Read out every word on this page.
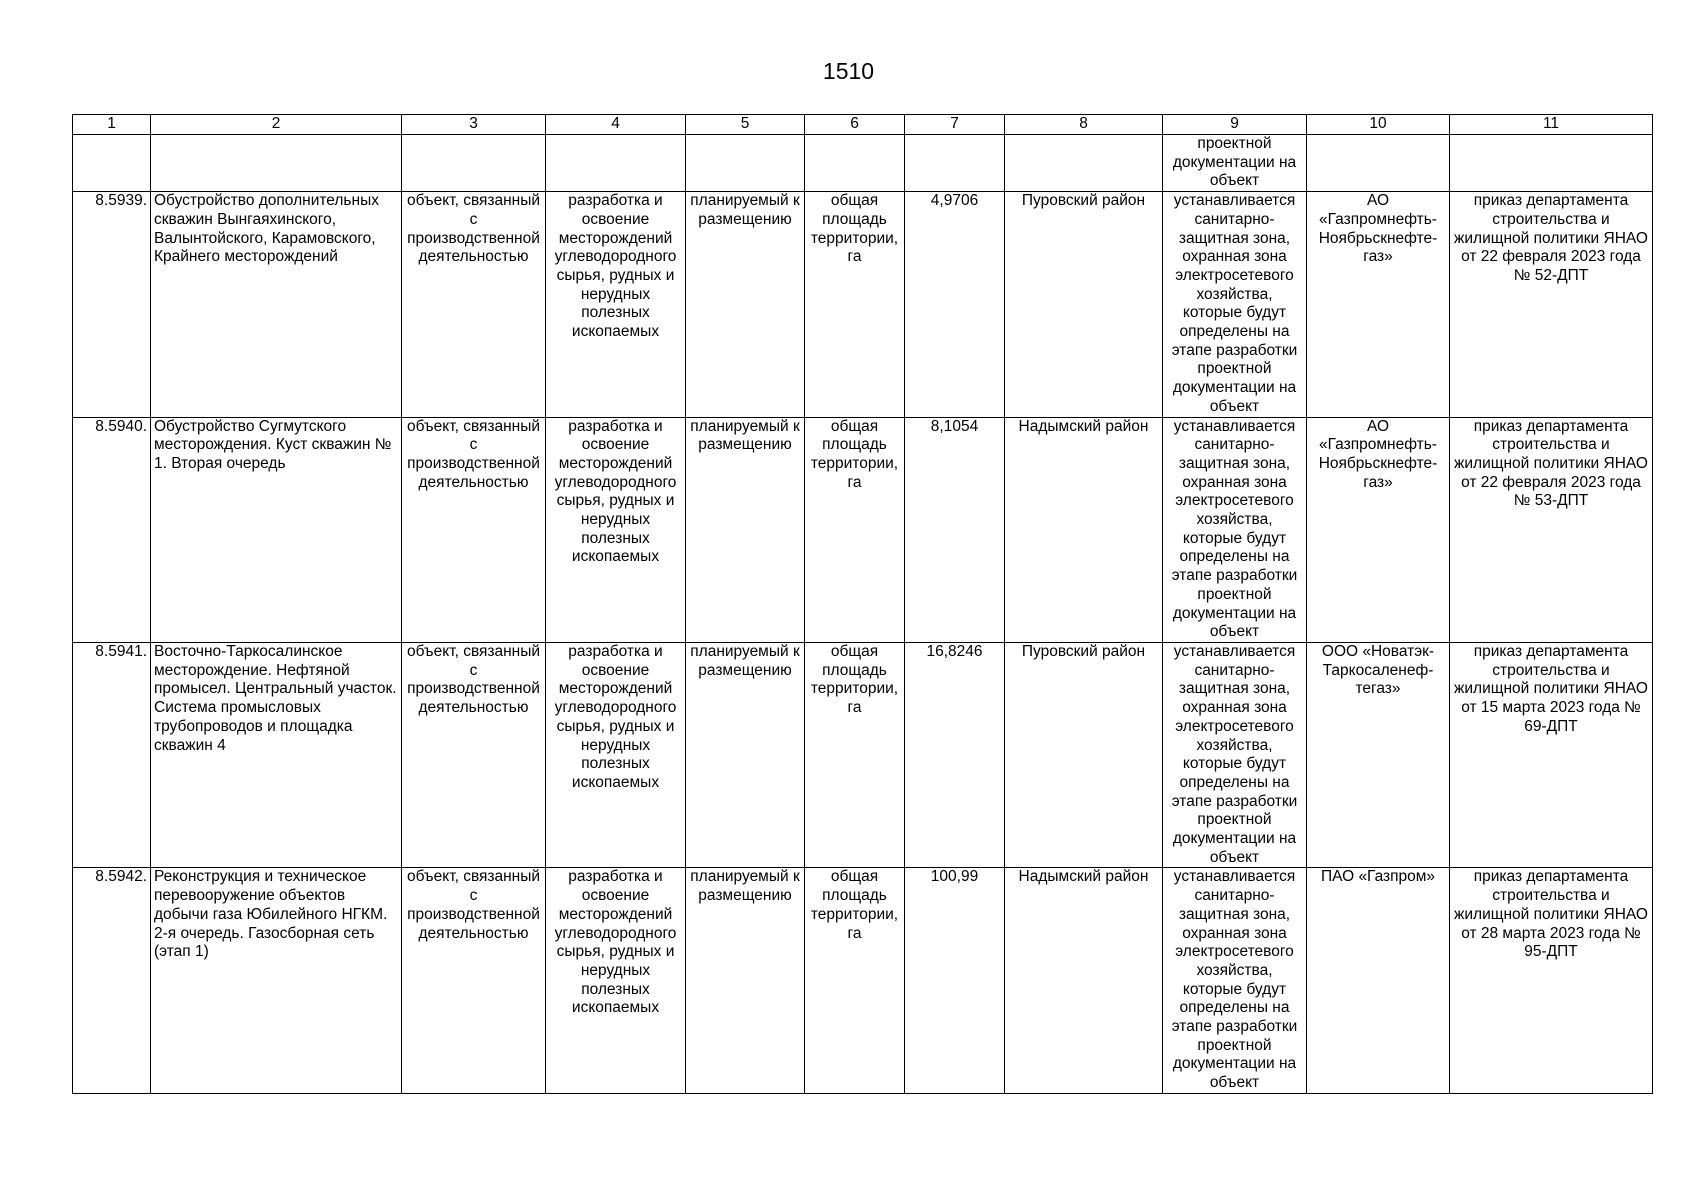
1510
1	2	3	4	5	6	7	8	9	10	11
								проектной документации на объект		
8.5939.	Обустройство дополнительных скважин Вынгаяхинского, Валынтойского, Карамовского, Крайнего месторождений	объект, связанный с производственной деятельностью	разработка и освоение месторождений углеводородного сырья, рудных и нерудных полезных ископаемых	планируемый к размещению	общая площадь территории, га	4,9706	Пуровский район	устанавливается санитарно-защитная зона, охранная зона электросетевого хозяйства, которые будут определены на этапе разработки проектной документации на объект	АО «Газпромнефть-Ноябрьскнефте-газ»	приказ департамента строительства и жилищной политики ЯНАО от 22 февраля 2023 года № 52-ДПТ
8.5940.	Обустройство Сугмутского месторождения. Куст скважин № 1. Вторая очередь	объект, связанный с производственной деятельностью	разработка и освоение месторождений углеводородного сырья, рудных и нерудных полезных ископаемых	планируемый к размещению	общая площадь территории, га	8,1054	Надымский район	устанавливается санитарно-защитная зона, охранная зона электросетевого хозяйства, которые будут определены на этапе разработки проектной документации на объект	АО «Газпромнефть-Ноябрьскнефте-газ»	приказ департамента строительства и жилищной политики ЯНАО от 22 февраля 2023 года № 53-ДПТ
8.5941.	Восточно-Таркосалинское месторождение. Нефтяной промысел. Центральный участок. Система промысловых трубопроводов и площадка скважин 4	объект, связанный с производственной деятельностью	разработка и освоение месторождений углеводородного сырья, рудных и нерудных полезных ископаемых	планируемый к размещению	общая площадь территории, га	16,8246	Пуровский район	устанавливается санитарно-защитная зона, охранная зона электросетевого хозяйства, которые будут определены на этапе разработки проектной документации на объект	ООО «Новатэк-Таркосаленеф-тегаз»	приказ департамента строительства и жилищной политики ЯНАО от 15 марта 2023 года № 69-ДПТ
8.5942.	Реконструкция и техническое перевооружение объектов добычи газа Юбилейного НГКМ. 2-я очередь. Газосборная сеть (этап 1)	объект, связанный с производственной деятельностью	разработка и освоение месторождений углеводородного сырья, рудных и нерудных полезных ископаемых	планируемый к размещению	общая площадь территории, га	100,99	Надымский район	устанавливается санитарно-защитная зона, охранная зона электросетевого хозяйства, которые будут определены на этапе разработки проектной документации на объект	ПАО «Газпром»	приказ департамента строительства и жилищной политики ЯНАО от 28 марта 2023 года № 95-ДПТ
